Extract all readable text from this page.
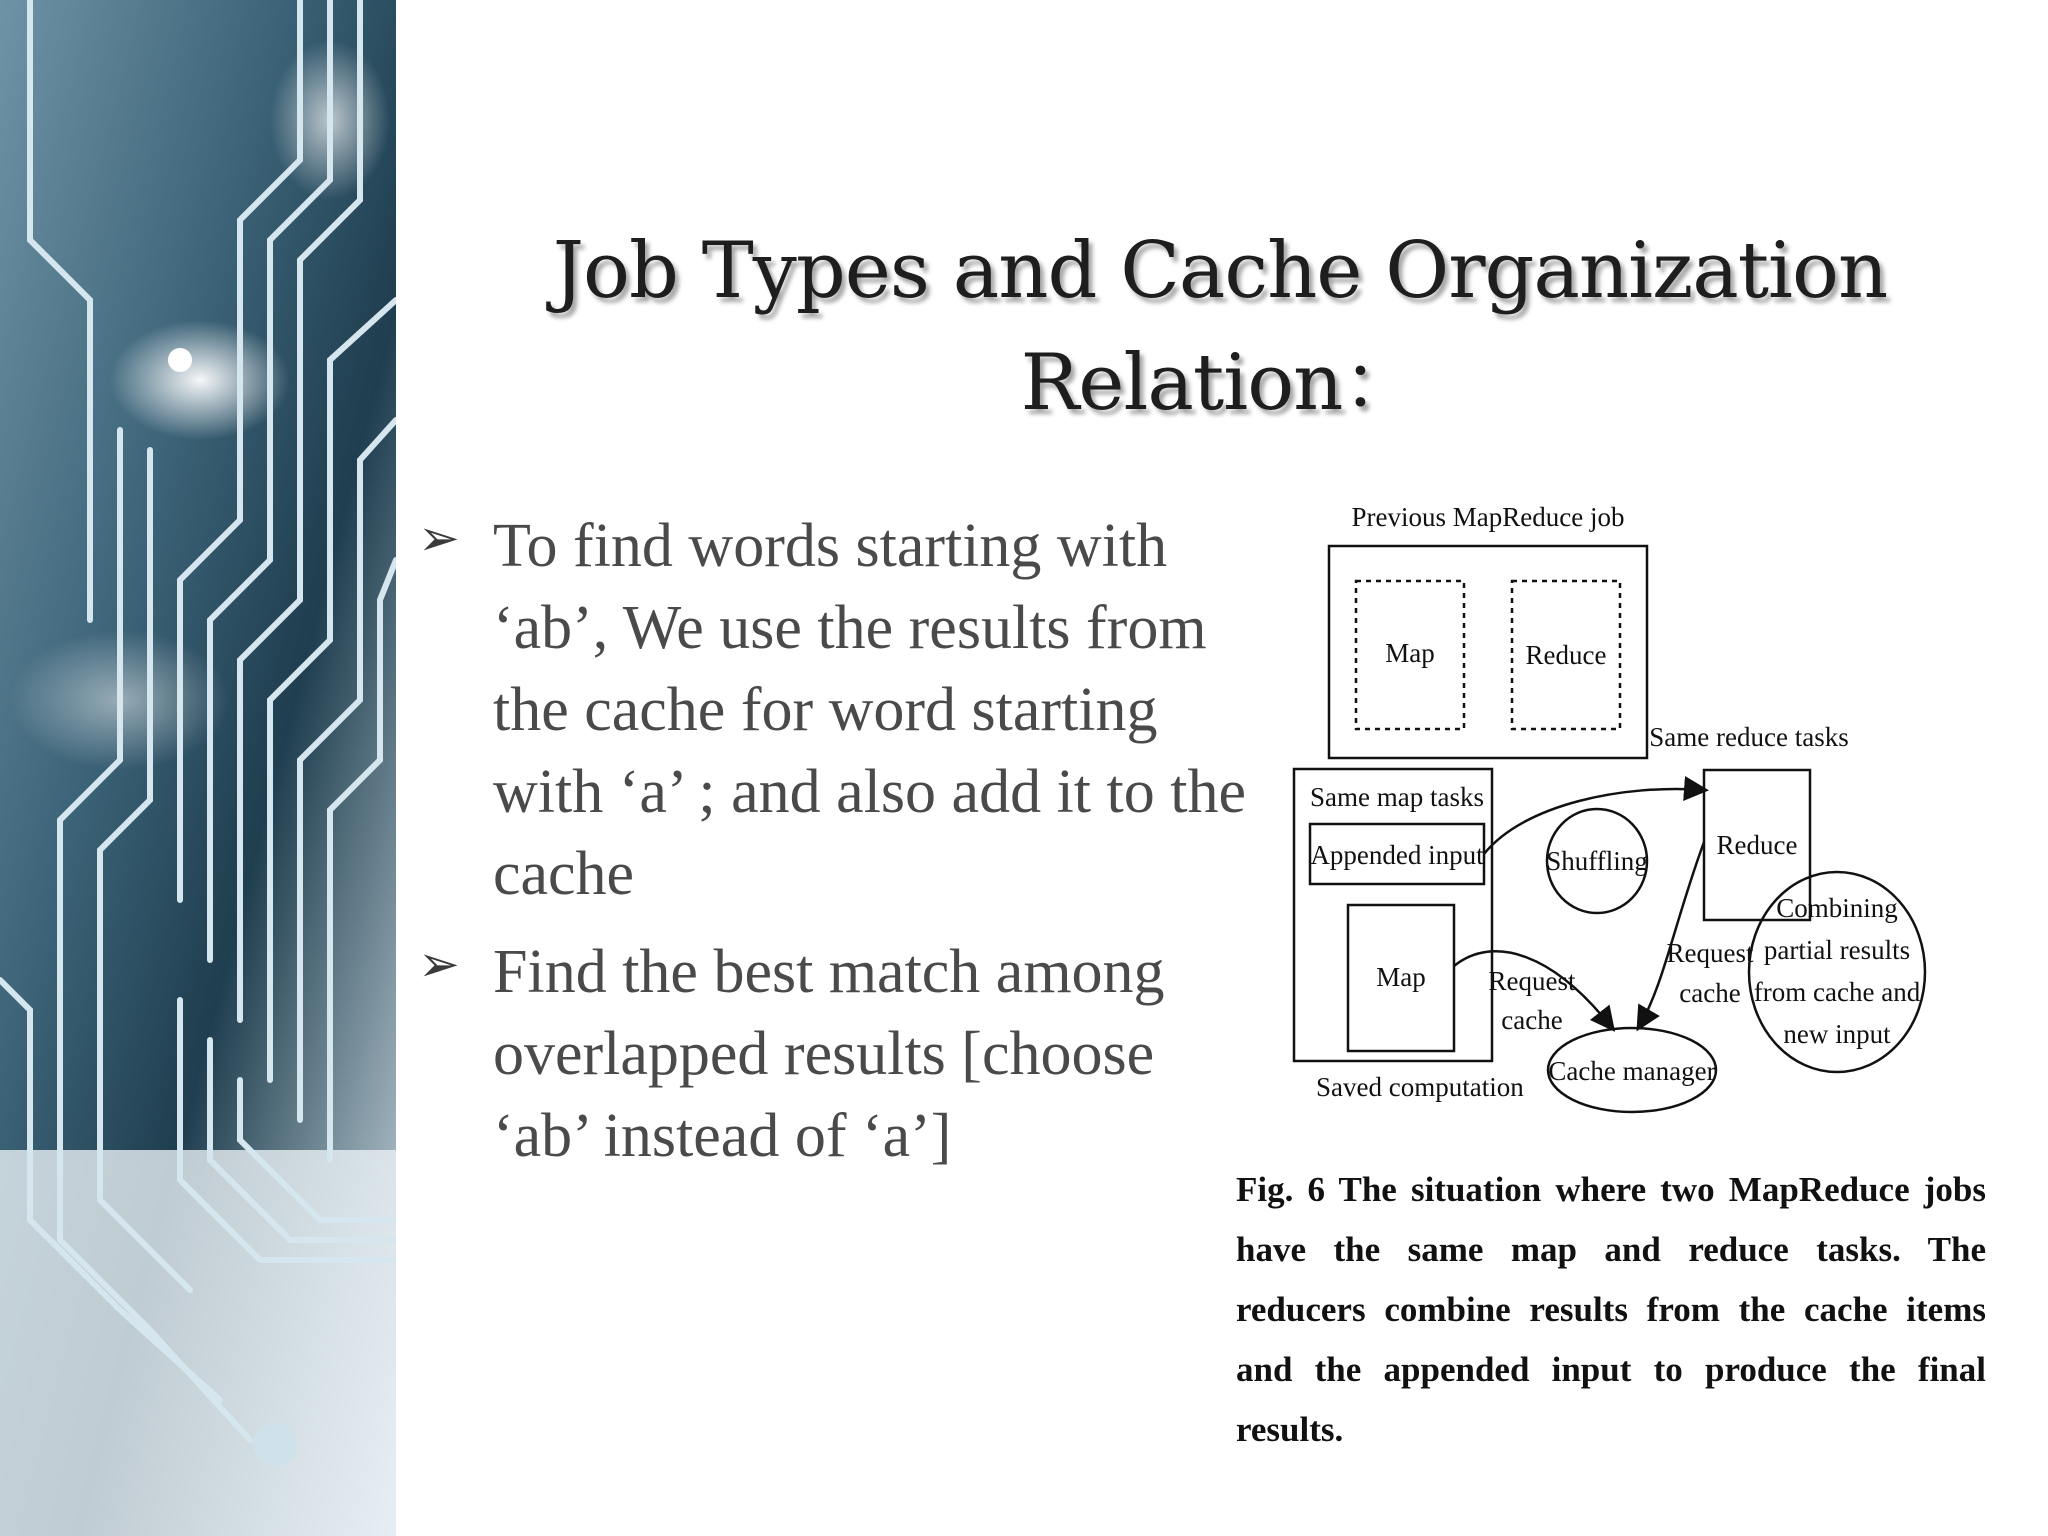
Job Types and Cache Organization
Relation：
➢ To find words starting with ‘ab’, We use the results from the cache for word starting with ‘a’ ; and also add it to the cache
➢ Find the best match among overlapped results [choose ‘ab’ instead of ‘a’]
Previous MapReduce job
Map	Reduce
Same reduce tasks
Same map tasks
Appended input Shuffling
Reduce
Combining
partial results
from cache and
new input
Map Request
cache
Request
cache
Cache manager
Saved computation
Fig. 6 The situation where two MapReduce jobs have the same map and reduce tasks. The reducers combine results from the cache items and the appended input to produce the final results.
